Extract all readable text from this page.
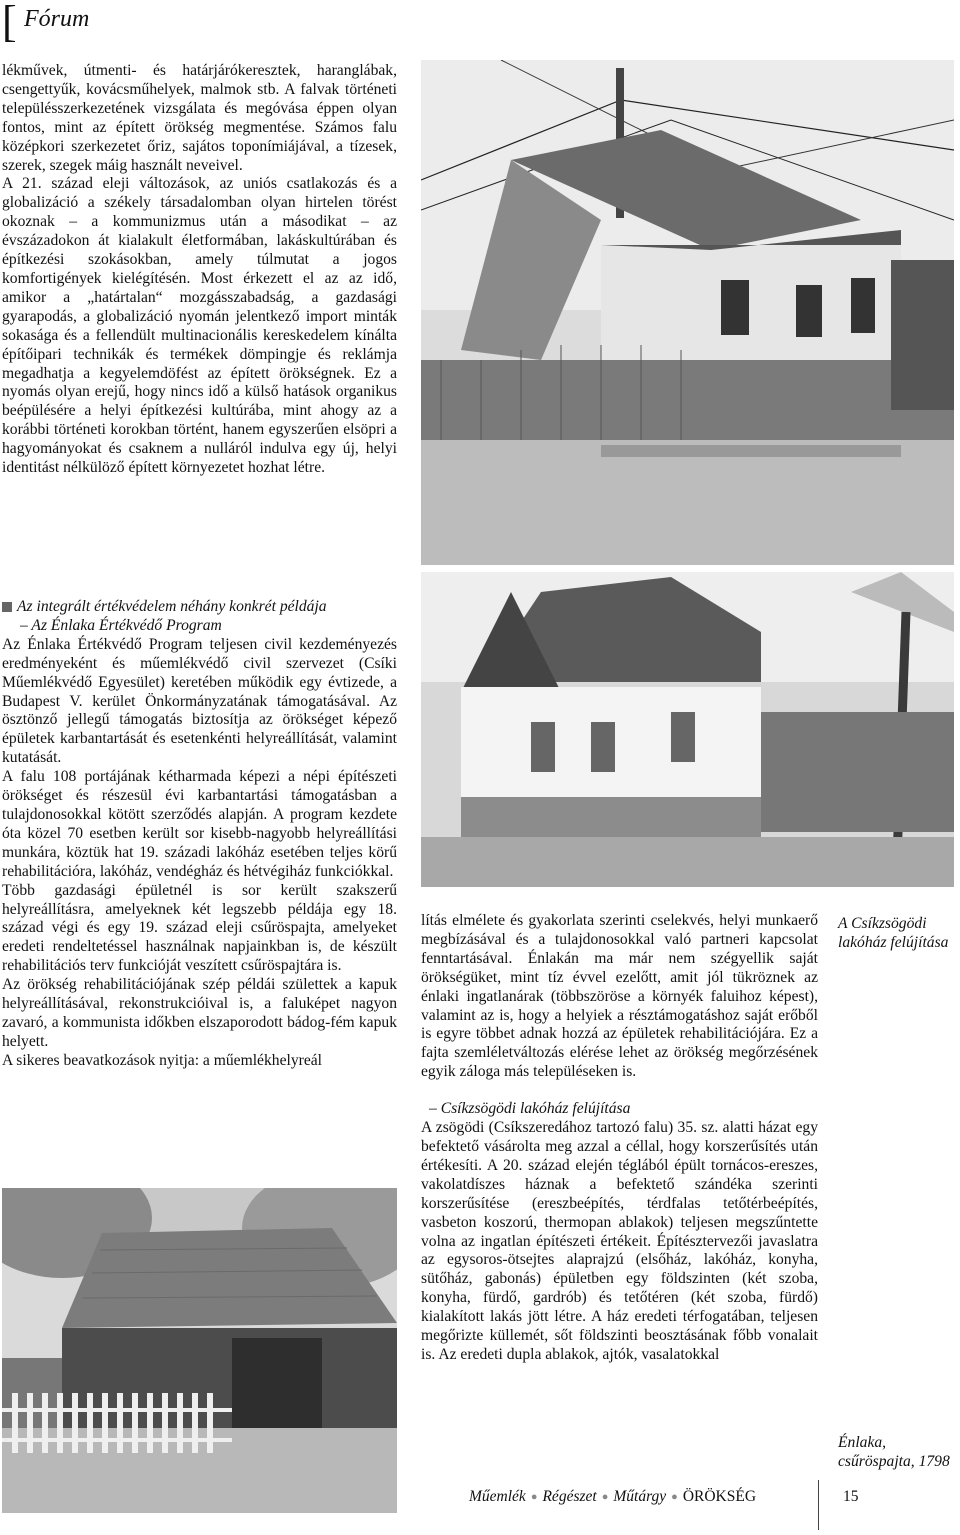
[ Fórum

lékművek, útmenti- és határjárókeresztek, haranglábak, csengettyűk, kovácsműhelyek, malmok stb. A falvak történeti településszerkezetének vizsgálata és megóvása éppen olyan fontos, mint az épített örökség megmentése. Számos falu középkori szerkezetet őriz, sajátos toponímiájával, a tízesek, szerek, szegek máig használt neveivel.

A 21. század eleji változások, az uniós csatlakozás és a globalizáció a székely társadalomban olyan hirtelen törést okoznak – a kommunizmus után a másodikat – az évszázadokon át kialakult életformában, lakáskultúrában és építkezési szokásokban, amely túlmutat a jogos komfortigények kielégítésén. Most érkezett el az az idő, amikor a „határtalan“ mozgásszabadság, a gazdasági gyarapodás, a globalizáció nyomán jelentkező import minták sokasága és a fellendült multinacionális kereskedelem kínálta építőipari technikák és termékek dömpingje és reklámja megadhatja a kegyelemdöfést az épített örökségnek. Ez a nyomás olyan erejű, hogy nincs idő a külső hatások organikus beépülésére a helyi építkezési kultúrába, mint ahogy az a korábbi történeti korokban történt, hanem egyszerűen elsöpri a hagyományokat és csaknem a nulláról indulva egy új, helyi identitást nélkülöző épített környezetet hozhat létre.

Az integrált értékvédelem néhány konkrét példája

– Az Énlaka Értékvédő Program

Az Énlaka Értékvédő Program teljesen civil kezdeményezés eredményeként és műemlékvédő civil szervezet (Csíki Műemlékvédő Egyesület) keretében működik egy évtizede, a Budapest V. kerület Önkormányzatának támogatásával. Az ösztönző jellegű támogatás biztosítja az örökséget képező épületek karbantartását és esetenkénti helyreállítását, valamint kutatását.

A falu 108 portájának kétharmada képezi a népi építészeti örökséget és részesül évi karbantartási támogatásban a tulajdonosokkal kötött szerződés alapján. A program kezdete óta közel 70 esetben került sor kisebb-nagyobb helyreállítási munkára, köztük hat 19. századi lakóház esetében teljes körű rehabilitációra, lakóház, vendégház és hétvégiház funkciókkal.

Több gazdasági épületnél is sor került szakszerű helyreállításra, amelyeknek két legszebb példája egy 18. század végi és egy 19. század eleji csűröspajta, amelyeket eredeti rendeltetéssel használnak napjainkban is, de készült rehabilitációs terv funkcióját veszített csűröspajtára is.

Az örökség rehabilitációjának szép példái születtek a kapuk helyreállításával, rekonstrukcióival is, a faluképet nagyon zavaró, a kommunista időkben elszaporodott bádog-fém kapuk helyett.

A sikeres beavatkozások nyitja: a műemlékhelyreál

lítás elmélete és gyakorlata szerinti cselekvés, helyi munkaerő megbízásával és a tulajdonosokkal való partneri kapcsolat fenntartásával. Énlakán ma már nem szégyellik saját örökségüket, mint tíz évvel ezelőtt, amit jól tükröznek az énlaki ingatlanárak (többszöröse a környék faluihoz képest), valamint az is, hogy a helyiek a résztámogatáshoz saját erőből is egyre többet adnak hozzá az épületek rehabilitációjára. Ez a fajta szemléletváltozás elérése lehet az örökség megőrzésének egyik záloga más településeken is.

– Csíkzsögödi lakóház felújítása

A zsögödi (Csíkszeredához tartozó falu) 35. sz. alatti házat egy befektető vásárolta meg azzal a céllal, hogy korszerűsítés után értékesíti. A 20. század elején téglából épült tornácos-ereszes, vakolatdíszes háznak a befektető szándéka szerinti korszerűsítése (ereszbeépítés, térdfalas tetőtérbeépítés, vasbeton koszorú, thermopan ablakok) teljesen megszűntette volna az ingatlan építészeti értékeit. Építésztervezői javaslatra az egysoros-ötsejtes alaprajzú (elsőház, lakóház, konyha, sütőház, gabonás) épületben egy földszinten (két szoba, konyha, fürdő, gardrób) és tetőtéren (két szoba, fürdő) kialakított lakás jött létre. A ház eredeti térfogatában, teljesen megőrizte küllemét, sőt földszinti beosztásának főbb vonalait is. Az eredeti dupla ablakok, ajtók, vasalatokkal

A Csíkzsögödi lakóház felújítása
Énlaka,
csűröspajta, 1798
Műemlék ● Régészet ● Műtárgy ● ÖRÖKSÉG	15
